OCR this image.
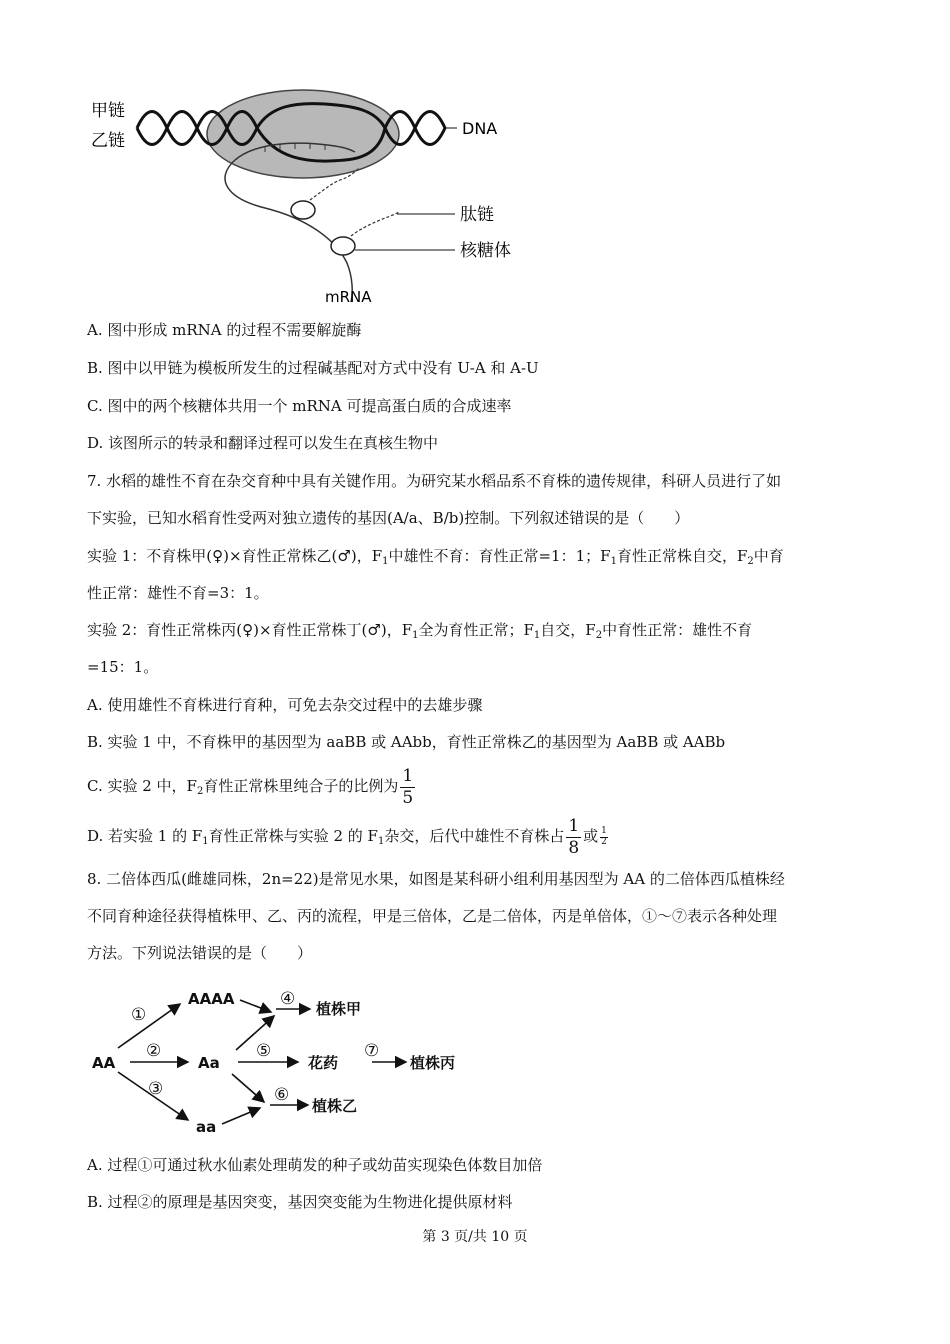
甲链
乙链
DNA
肽链
核糖体
mRNA
A. 图中形成 mRNA 的过程不需要解旋酶
B. 图中以甲链为模板所发生的过程碱基配对方式中没有 U-A 和 A-U
C. 图中的两个核糖体共用一个 mRNA 可提高蛋白质的合成速率
D. 该图所示的转录和翻译过程可以发生在真核生物中
7. 水稻的雄性不育在杂交育种中具有关键作用。为研究某水稻品系不育株的遗传规律，科研人员进行了如
下实验，已知水稻育性受两对独立遗传的基因(A/a、B/b)控制。下列叙述错误的是（　　）
实验 1：不育株甲(♀)×育性正常株乙(♂)，$F_1$中雄性不育：育性正常=1：1；$F_1$育性正常株自交，$F_2$中育
性正常：雄性不育=3：1。
实验 2：育性正常株丙(♀)×育性正常株丁(♂)，$F_1$全为育性正常；$F_1$自交，$F_2$中育性正常：雄性不育
=15：1。
A. 使用雄性不育株进行育种，可免去杂交过程中的去雄步骤
B. 实验 1 中，不育株甲的基因型为 aaBB 或 AAbb，育性正常株乙的基因型为 AaBB 或 AABb
C. 实验 2 中，$F_2$育性正常株里纯合子的比例为 $\frac{1}{5}$
D. 若实验 1 的 $F_1$育性正常株与实验 2 的 $F_1$杂交，后代中雄性不育株占 $\frac{1}{8}$ 或 $\frac{1}{2}$
8. 二倍体西瓜(雌雄同株，2n=22)是常见水果，如图是某科研小组利用基因型为 AA 的二倍体西瓜植株经
不同育种途径获得植株甲、乙、丙的流程，甲是三倍体，乙是二倍体，丙是单倍体，①～⑦表示各种处理
方法。下列说法错误的是（　　）
AA
AAAA
Aa
aa
植株甲
花药	植株丙
植株乙
①
②
③
④
⑤
⑥
⑦
A. 过程①可通过秋水仙素处理萌发的种子或幼苗实现染色体数目加倍
B. 过程②的原理是基因突变，基因突变能为生物进化提供原材料
第 3 页/共 10 页
